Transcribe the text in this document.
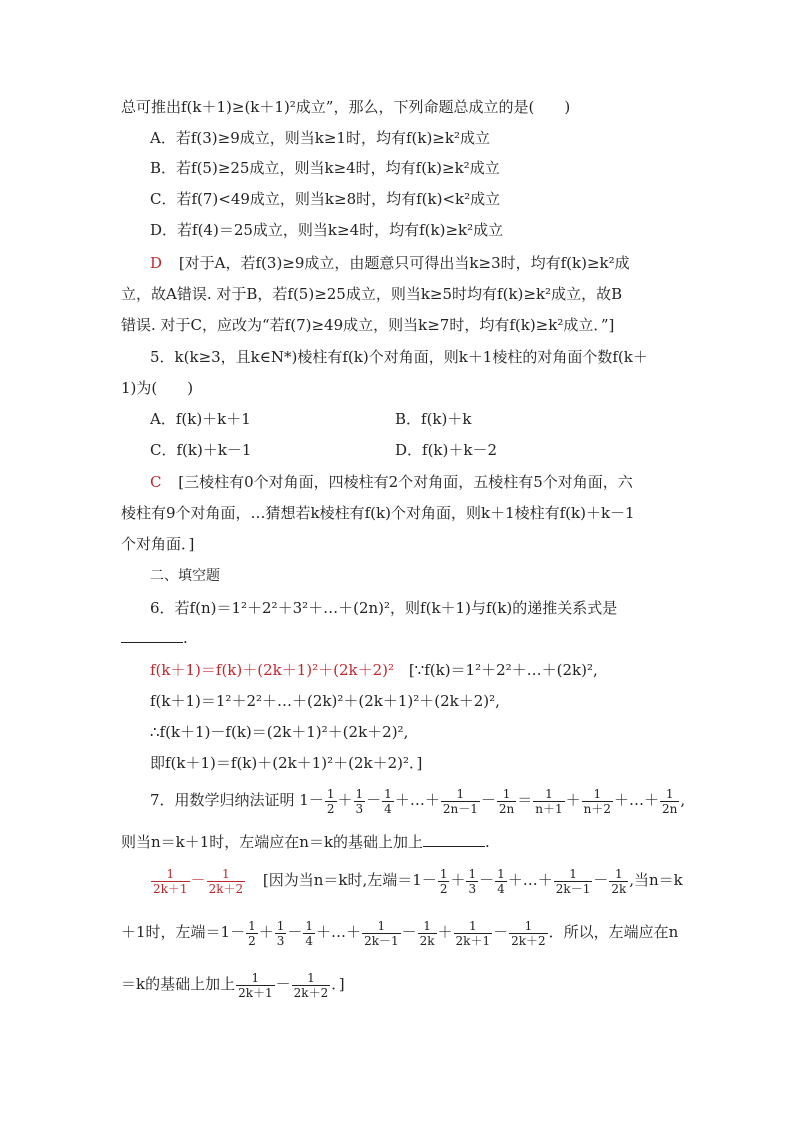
总可推出f(k＋1)≥(k＋1)²成立”，那么，下列命题总成立的是(　　)
A．若f(3)≥9成立，则当k≥1时，均有f(k)≥k²成立
B．若f(5)≥25成立，则当k≥4时，均有f(k)≥k²成立
C．若f(7)<49成立，则当k≥8时，均有f(k)<k²成立
D．若f(4)＝25成立，则当k≥4时，均有f(k)≥k²成立
D [对于A，若f(3)≥9成立，由题意只可得出当k≥3时，均有f(k)≥k²成
立，故A错误. 对于B，若f(5)≥25成立，则当k≥5时均有f(k)≥k²成立，故B
错误. 对于C，应改为“若f(7)≥49成立，则当k≥7时，均有f(k)≥k²成立．”]
5．k(k≥3，且k∈N*)棱柱有f(k)个对角面，则k＋1棱柱的对角面个数f(k＋
1)为(　　)
A．f(k)＋k＋1	B．f(k)＋k
C．f(k)＋k－1	D．f(k)＋k－2
C [三棱柱有0个对角面，四棱柱有2个对角面，五棱柱有5个对角面，六
棱柱有9个对角面，…猜想若k棱柱有f(k)个对角面，则k＋1棱柱有f(k)＋k－1
个对角面．]
二、填空题
6．若f(n)＝1²＋2²＋3²＋…＋(2n)²，则f(k＋1)与f(k)的递推关系式是
.
f(k＋1)＝f(k)＋(2k＋1)²＋(2k＋2)² [∵f(k)＝1²＋2²＋…＋(2k)²,
f(k＋1)＝1²＋2²＋…＋(2k)²＋(2k＋1)²＋(2k＋2)²,
∴f(k＋1)－f(k)＝(2k＋1)²＋(2k＋2)²,
即f(k＋1)＝f(k)＋(2k＋1)²＋(2k＋2)²．]
7．用数学归纳法证明 $1- \frac{1}{2} + \frac{1}{3} - \frac{1}{4}$ ＋…＋ $\frac{1}{2n-1} - \frac{1}{2n} = \frac{1}{n+1} + \frac{1}{n+2}$ ＋…＋ $\frac{1}{2n}$ ,
则当n＝k＋1时，左端应在n＝k的基础上加上	.
$\frac{1}{2k+1} - \frac{1}{2k+2}$ [因为当n＝k时,左端$=1- \frac{1}{2} + \frac{1}{3} - \frac{1}{4}$ ＋…＋ $\frac{1}{2k-1} - \frac{1}{2k}$ ,当n＝k
＋1时，左端$=1- \frac{1}{2} + \frac{1}{3} - \frac{1}{4}$ ＋…＋ $\frac{1}{2k-1} - \frac{1}{2k} + \frac{1}{2k+1} - \frac{1}{2k+2}$ ．所以，左端应在n
＝k的基础上加上 $\frac{1}{2k+1} - \frac{1}{2k+2}$ ．]
